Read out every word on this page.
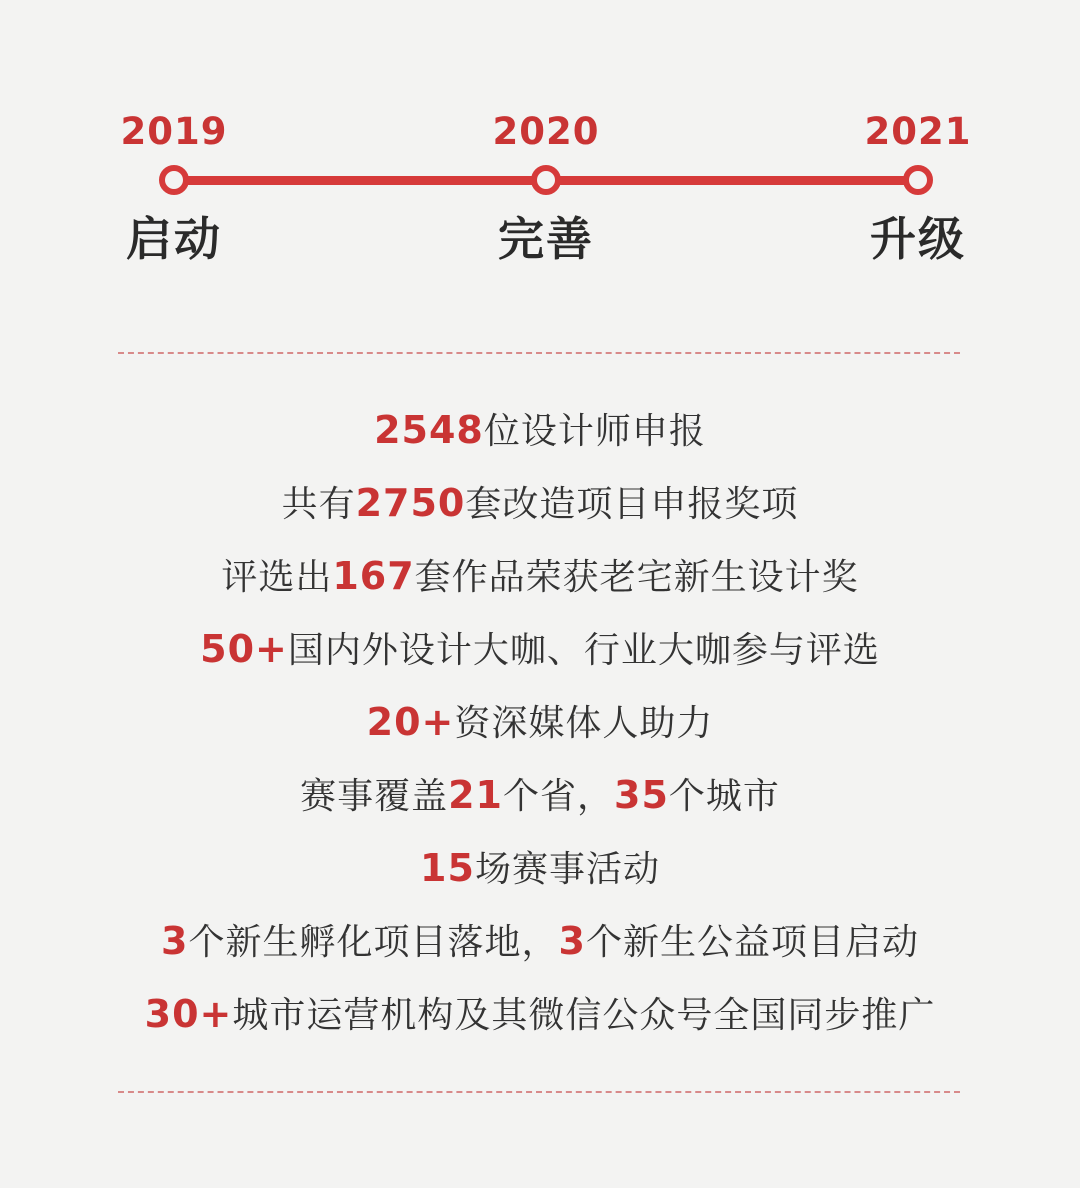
2019
启动
2020
完善
2021
升级
2548位设计师申报
共有2750套改造项目申报奖项
评选出167套作品荣获老宅新生设计奖
50+国内外设计大咖、行业大咖参与评选
20+资深媒体人助力
赛事覆盖21个省，35个城市
15场赛事活动
3个新生孵化项目落地，3个新生公益项目启动
30+城市运营机构及其微信公众号全国同步推广
